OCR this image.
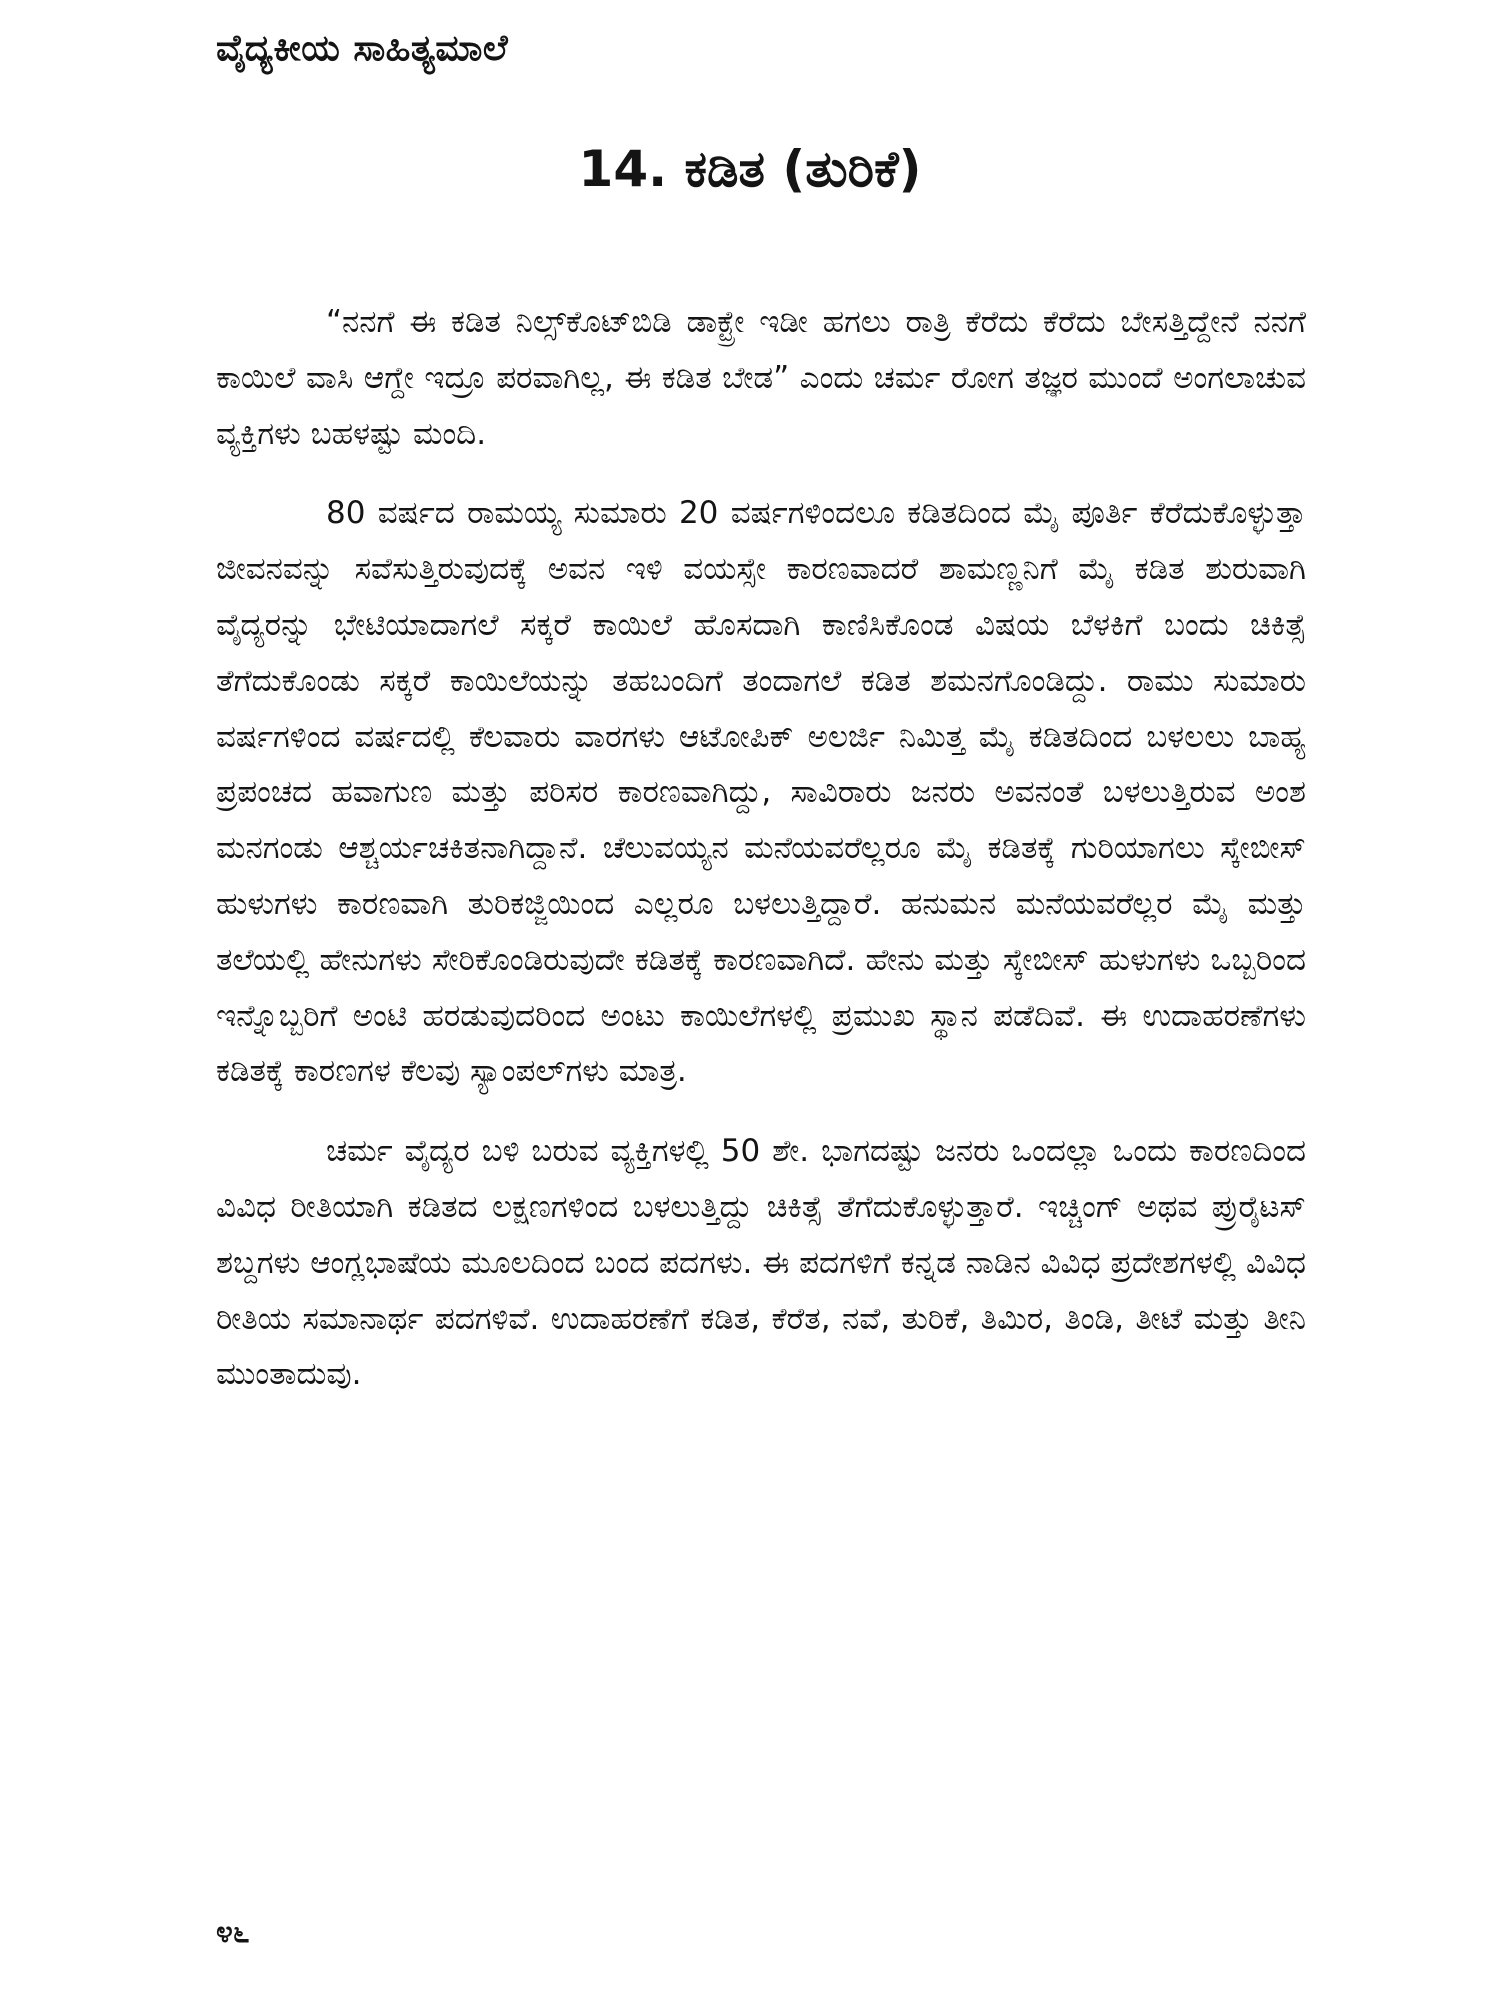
ವೈದ್ಯಕೀಯ ಸಾಹಿತ್ಯಮಾಲೆ
14. ಕಡಿತ (ತುರಿಕೆ)

“ನನಗೆ ಈ ಕಡಿತ ನಿಲ್ಸ್‌ಕೊಟ್‌ಬಿಡಿ ಡಾಕ್ಟ್ರೇ ಇಡೀ ಹಗಲು ರಾತ್ರಿ ಕೆರೆದು ಕೆರೆದು ಬೇಸತ್ತಿದ್ದೇನೆ ನನಗೆ ಕಾಯಿಲೆ ವಾಸಿ ಆಗ್ದೇ ಇದ್ರೂ ಪರವಾಗಿಲ್ಲ, ಈ ಕಡಿತ ಬೇಡ” ಎಂದು ಚರ್ಮ ರೋಗ ತಜ್ಞರ ಮುಂದೆ ಅಂಗಲಾಚುವ ವ್ಯಕ್ತಿಗಳು ಬಹಳಷ್ಟು ಮಂದಿ.

80 ವರ್ಷದ ರಾಮಯ್ಯ ಸುಮಾರು 20 ವರ್ಷಗಳಿಂದಲೂ ಕಡಿತದಿಂದ ಮೈ ಪೂರ್ತಿ ಕೆರೆದುಕೊಳ್ಳುತ್ತಾ ಜೀವನವನ್ನು ಸವೆಸುತ್ತಿರುವುದಕ್ಕೆ ಅವನ ಇಳಿ ವಯಸ್ಸೇ ಕಾರಣವಾದರೆ ಶಾಮಣ್ಣನಿಗೆ ಮೈ ಕಡಿತ ಶುರುವಾಗಿ ವೈದ್ಯರನ್ನು ಭೇಟಿಯಾದಾಗಲೆ ಸಕ್ಕರೆ ಕಾಯಿಲೆ ಹೊಸದಾಗಿ ಕಾಣಿಸಿಕೊಂಡ ವಿಷಯ ಬೆಳಕಿಗೆ ಬಂದು ಚಿಕಿತ್ಸೆ ತೆಗೆದುಕೊಂಡು ಸಕ್ಕರೆ ಕಾಯಿಲೆಯನ್ನು ತಹಬಂದಿಗೆ ತಂದಾಗಲೆ ಕಡಿತ ಶಮನಗೊಂಡಿದ್ದು. ರಾಮು ಸುಮಾರು ವರ್ಷಗಳಿಂದ ವರ್ಷದಲ್ಲಿ ಕೆಲವಾರು ವಾರಗಳು ಆಟೋಪಿಕ್ ಅಲರ್ಜಿ ನಿಮಿತ್ತ ಮೈ ಕಡಿತದಿಂದ ಬಳಲಲು ಬಾಹ್ಯ ಪ್ರಪಂಚದ ಹವಾಗುಣ ಮತ್ತು ಪರಿಸರ ಕಾರಣವಾಗಿದ್ದು, ಸಾವಿರಾರು ಜನರು ಅವನಂತೆ ಬಳಲುತ್ತಿರುವ ಅಂಶ ಮನಗಂಡು ಆಶ್ಚರ್ಯಚಕಿತನಾಗಿದ್ದಾನೆ. ಚೆಲುವಯ್ಯನ ಮನೆಯವರೆಲ್ಲರೂ ಮೈ ಕಡಿತಕ್ಕೆ ಗುರಿಯಾಗಲು ಸ್ಕೇಬೀಸ್ ಹುಳುಗಳು ಕಾರಣವಾಗಿ ತುರಿಕಜ್ಜಿಯಿಂದ ಎಲ್ಲರೂ ಬಳಲುತ್ತಿದ್ದಾರೆ. ಹನುಮನ ಮನೆಯವರೆಲ್ಲರ ಮೈ ಮತ್ತು ತಲೆಯಲ್ಲಿ ಹೇನುಗಳು ಸೇರಿಕೊಂಡಿರುವುದೇ ಕಡಿತಕ್ಕೆ ಕಾರಣವಾಗಿದೆ. ಹೇನು ಮತ್ತು ಸ್ಕೇಬೀಸ್ ಹುಳುಗಳು ಒಬ್ಬರಿಂದ ಇನ್ನೊಬ್ಬರಿಗೆ ಅಂಟಿ ಹರಡುವುದರಿಂದ ಅಂಟು ಕಾಯಿಲೆಗಳಲ್ಲಿ ಪ್ರಮುಖ ಸ್ಥಾನ ಪಡೆದಿವೆ. ಈ ಉದಾಹರಣೆಗಳು ಕಡಿತಕ್ಕೆ ಕಾರಣಗಳ ಕೆಲವು ಸ್ಯಾಂಪಲ್‌ಗಳು ಮಾತ್ರ.

ಚರ್ಮ ವೈದ್ಯರ ಬಳಿ ಬರುವ ವ್ಯಕ್ತಿಗಳಲ್ಲಿ 50 ಶೇ. ಭಾಗದಷ್ಟು ಜನರು ಒಂದಲ್ಲಾ ಒಂದು ಕಾರಣದಿಂದ ವಿವಿಧ ರೀತಿಯಾಗಿ ಕಡಿತದ ಲಕ್ಷಣಗಳಿಂದ ಬಳಲುತ್ತಿದ್ದು ಚಿಕಿತ್ಸೆ ತೆಗೆದುಕೊಳ್ಳುತ್ತಾರೆ. ಇಚ್ಚಿಂಗ್ ಅಥವ ಪ್ರುರೈಟಸ್ ಶಬ್ದಗಳು ಆಂಗ್ಲಭಾಷೆಯ ಮೂಲದಿಂದ ಬಂದ ಪದಗಳು. ಈ ಪದಗಳಿಗೆ ಕನ್ನಡ ನಾಡಿನ ವಿವಿಧ ಪ್ರದೇಶಗಳಲ್ಲಿ ವಿವಿಧ ರೀತಿಯ ಸಮಾನಾರ್ಥ ಪದಗಳಿವೆ. ಉದಾಹರಣೆಗೆ ಕಡಿತ, ಕೆರೆತ, ನವೆ, ತುರಿಕೆ, ತಿಮಿರ, ತಿಂಡಿ, ತೀಟೆ ಮತ್ತು ತೀನಿ ಮುಂತಾದುವು.

೪೬
